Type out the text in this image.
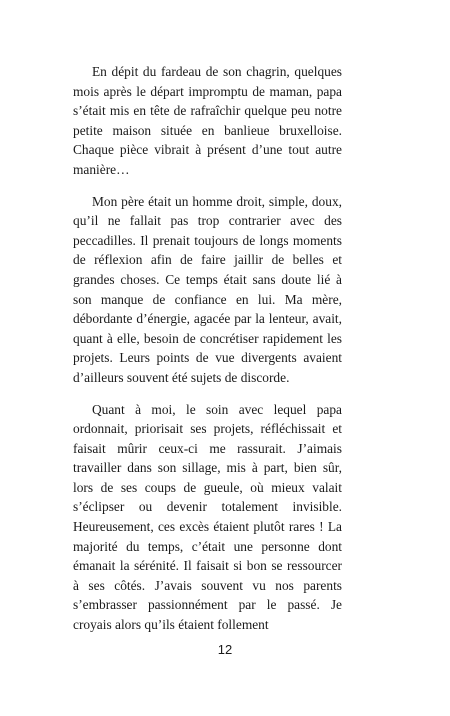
En dépit du fardeau de son chagrin, quelques mois après le départ impromptu de maman, papa s’était mis en tête de rafraîchir quelque peu notre petite maison située en banlieue bruxelloise. Chaque pièce vibrait à présent d’une tout autre manière…

Mon père était un homme droit, simple, doux, qu’il ne fallait pas trop contrarier avec des peccadilles. Il prenait toujours de longs moments de réflexion afin de faire jaillir de belles et grandes choses. Ce temps était sans doute lié à son manque de confiance en lui. Ma mère, débordante d’énergie, agacée par la lenteur, avait, quant à elle, besoin de concrétiser rapidement les projets. Leurs points de vue divergents avaient d’ailleurs souvent été sujets de discorde.

Quant à moi, le soin avec lequel papa ordonnait, priorisait ses projets, réfléchissait et faisait mûrir ceux-ci me rassurait. J’aimais travailler dans son sillage, mis à part, bien sûr, lors de ses coups de gueule, où mieux valait s’éclipser ou devenir totalement invisible. Heureusement, ces excès étaient plutôt rares ! La majorité du temps, c’était une personne dont émanait la sérénité. Il faisait si bon se ressourcer à ses côtés. J’avais souvent vu nos parents s’embrasser passionnément par le passé. Je croyais alors qu’ils étaient follement

12
